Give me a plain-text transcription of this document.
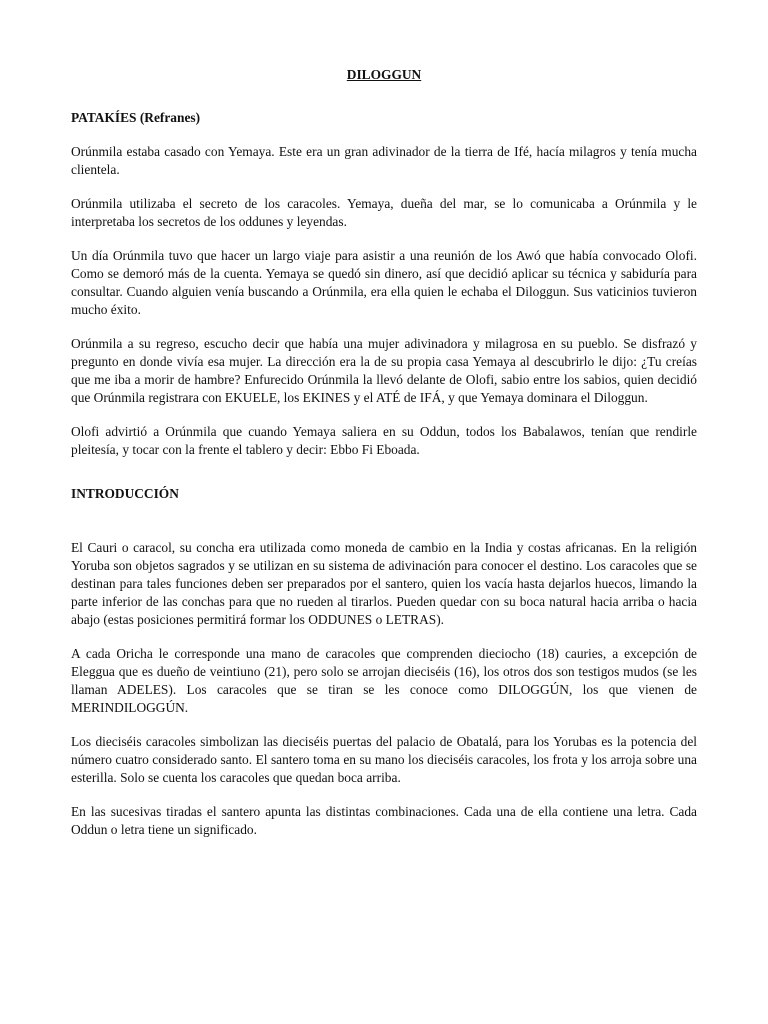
DILOGGUN
PATAKÍES (Refranes)

Orúnmila estaba casado con Yemaya. Este era un gran adivinador de la tierra de Ifé, hacía milagros y tenía mucha clientela.

Orúnmila utilizaba el secreto de los caracoles. Yemaya, dueña del mar, se lo comunicaba a Orúnmila y le interpretaba los secretos de los oddunes y leyendas.

Un día Orúnmila tuvo que hacer un largo viaje para asistir a una reunión de los Awó que había convocado Olofi. Como se demoró más de la cuenta. Yemaya se quedó sin dinero, así que decidió aplicar su técnica y sabiduría para consultar. Cuando alguien venía buscando a Orúnmila, era ella quien le echaba el Diloggun. Sus vaticinios tuvieron mucho éxito.

Orúnmila a su regreso, escucho decir que había una mujer adivinadora y milagrosa en su pueblo. Se disfrazó y pregunto en donde vivía esa mujer. La dirección era la de su propia casa Yemaya al descubrirlo le dijo: ¿Tu creías que me iba a morir de hambre? Enfurecido Orúnmila la llevó delante de Olofi, sabio entre los sabios, quien decidió que Orúnmila registrara con EKUELE, los EKINES y el ATÉ de IFÁ, y que Yemaya dominara el Diloggun.

Olofi advirtió a Orúnmila que cuando Yemaya saliera en su Oddun, todos los Babalawos, tenían que rendirle pleitesía, y tocar con la frente el tablero y decir: Ebbo Fi Eboada.

INTRODUCCIÓN

El Cauri o caracol, su concha era utilizada como moneda de cambio en la India y costas africanas. En la religión Yoruba son objetos sagrados y se utilizan en su sistema de adivinación para conocer el destino. Los caracoles que se destinan para tales funciones deben ser preparados por el santero, quien los vacía hasta dejarlos huecos, limando la parte inferior de las conchas para que no rueden al tirarlos. Pueden quedar con su boca natural hacia arriba o hacia abajo (estas posiciones permitirá formar los ODDUNES o LETRAS).

A cada Oricha le corresponde una mano de caracoles que comprenden dieciocho (18) cauries, a excepción de Eleggua que es dueño de veintiuno (21), pero solo se arrojan dieciséis (16), los otros dos son testigos mudos (se les llaman ADELES). Los caracoles que se tiran se les conoce como DILOGGÚN, los que vienen de MERINDILOGGÚN.

Los dieciséis caracoles simbolizan las dieciséis puertas del palacio de Obatalá, para los Yorubas es la potencia del número cuatro considerado santo. El santero toma en su mano los dieciséis caracoles, los frota y los arroja sobre una esterilla. Solo se cuenta los caracoles que quedan boca arriba.

En las sucesivas tiradas el santero apunta las distintas combinaciones. Cada una de ella contiene una letra. Cada Oddun o letra tiene un significado.
